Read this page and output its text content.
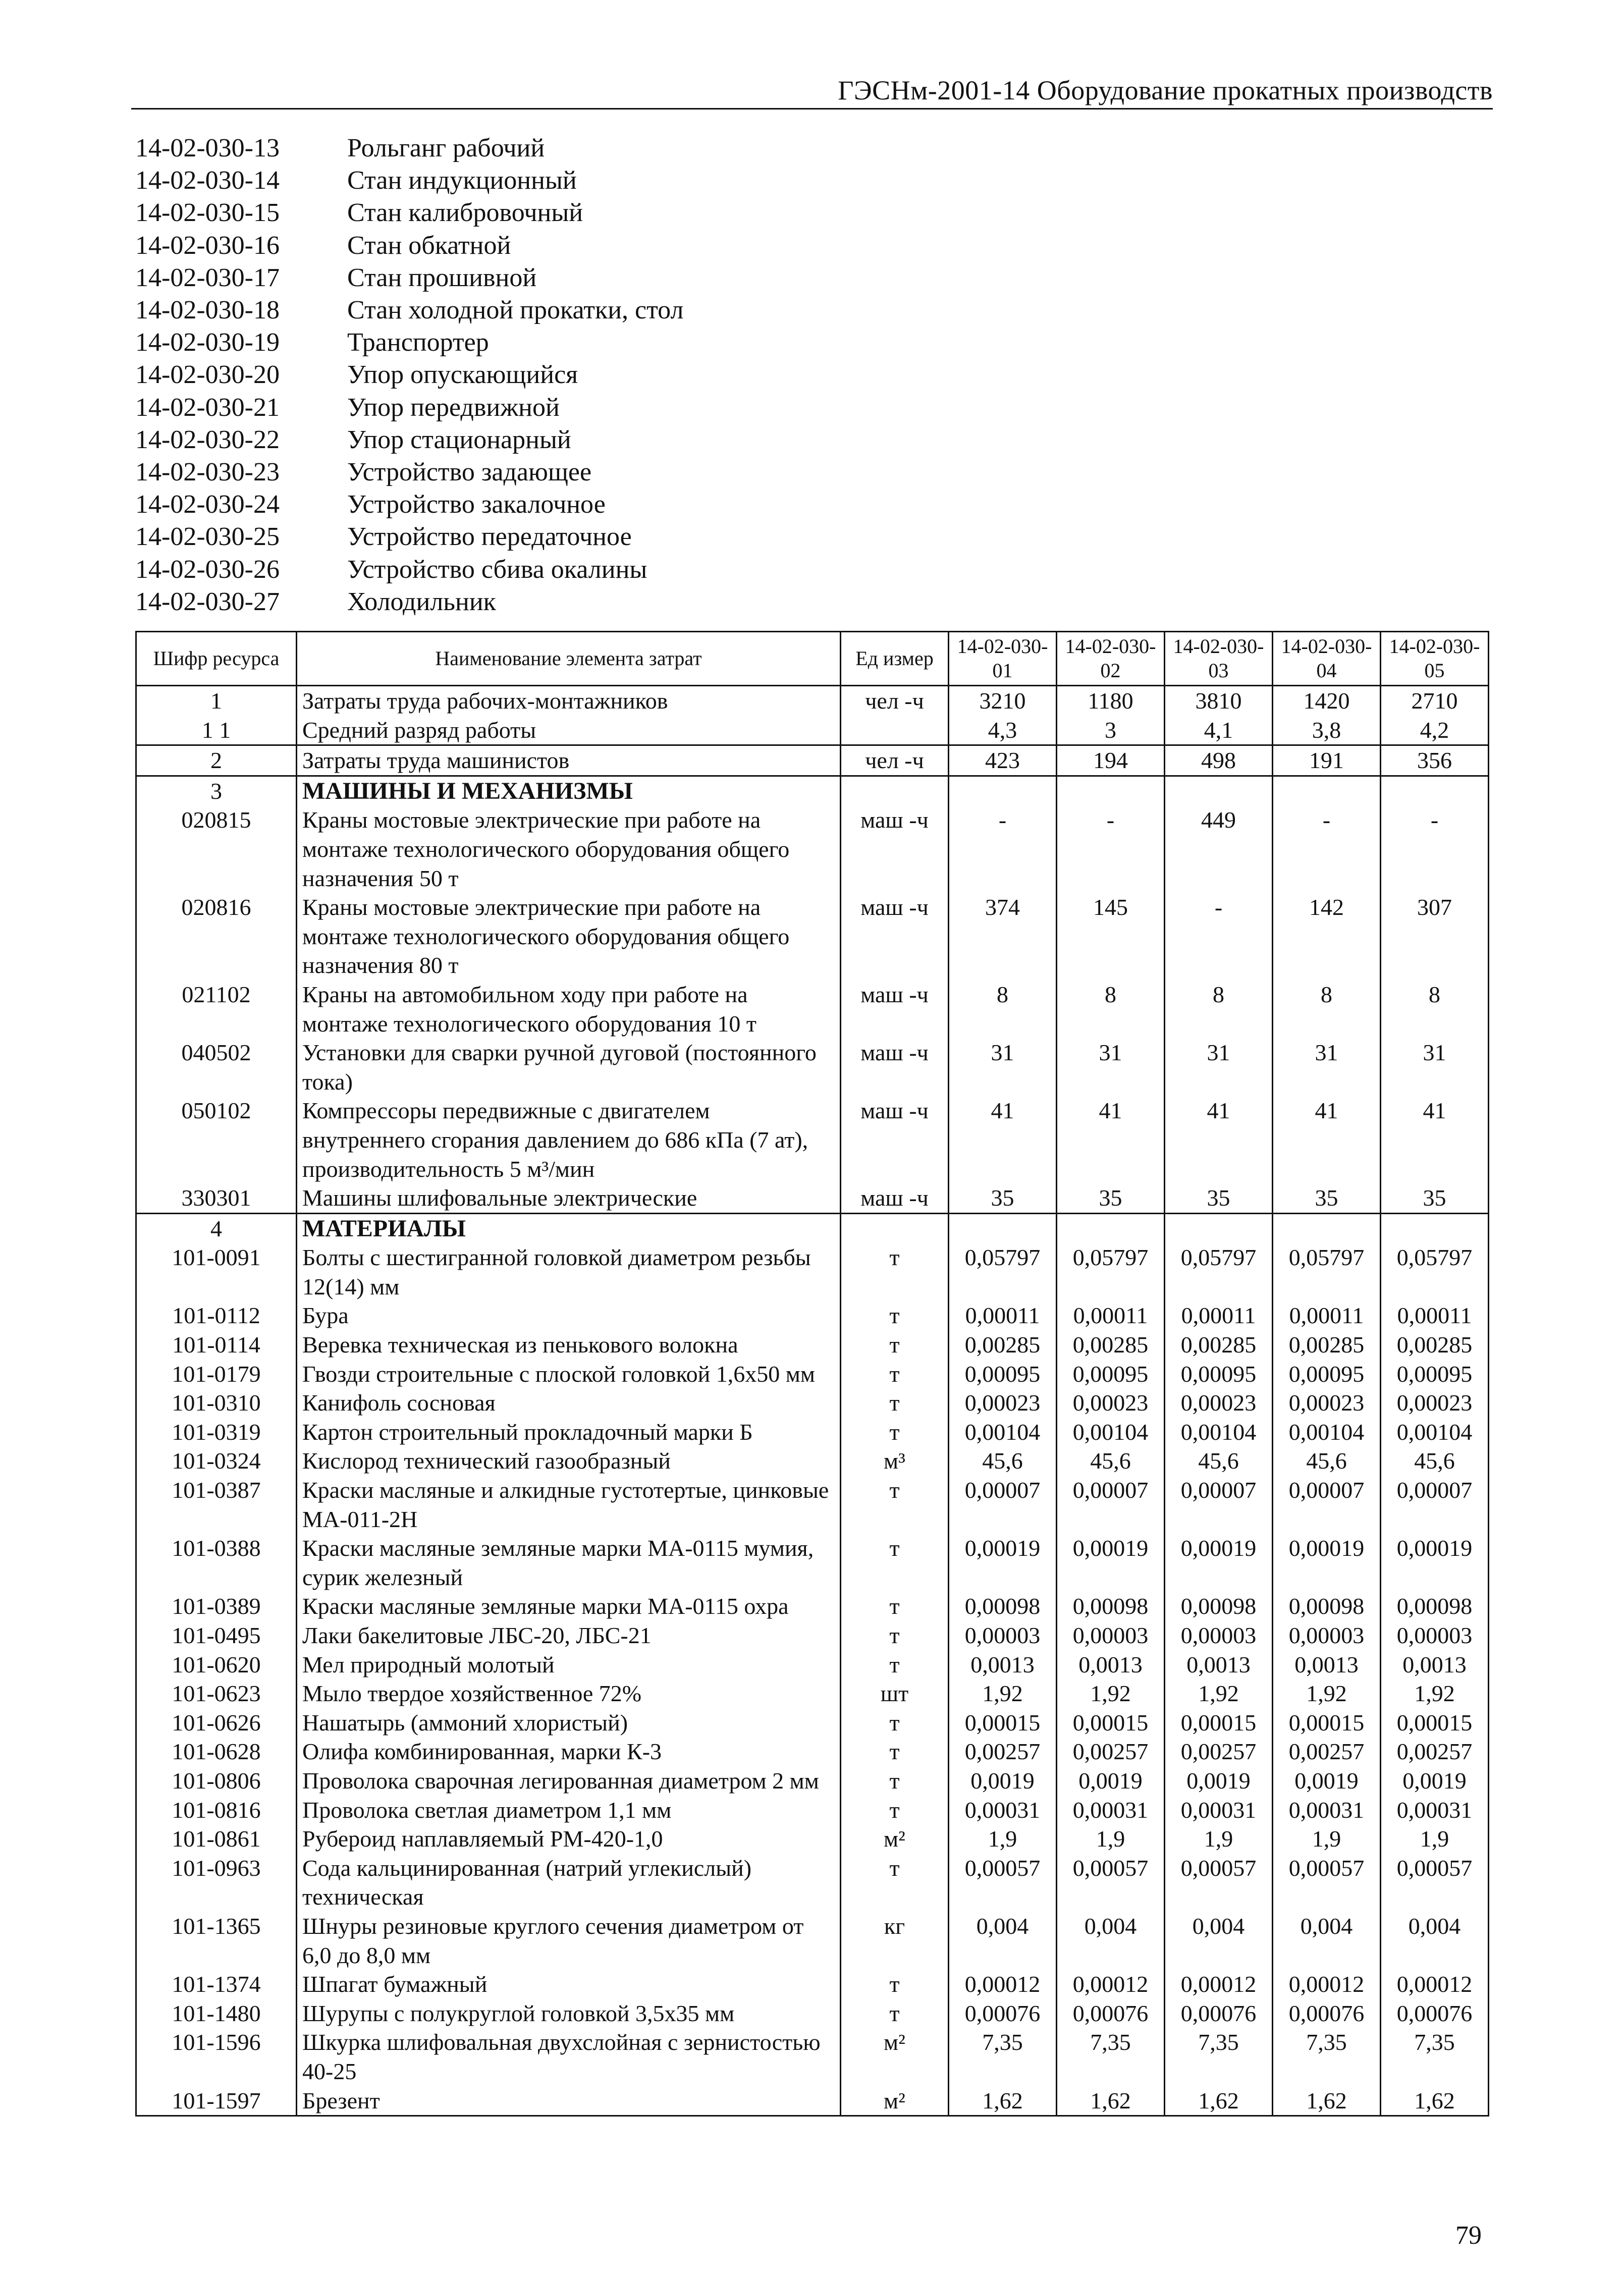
ГЭСНм-2001-14 Оборудование прокатных производств
14-02-030-13	Рольганг рабочий
14-02-030-14	Стан индукционный
14-02-030-15	Стан калибровочный
14-02-030-16	Стан обкатной
14-02-030-17	Стан прошивной
14-02-030-18	Стан холодной прокатки, стол
14-02-030-19	Транспортер
14-02-030-20	Упор опускающийся
14-02-030-21	Упор передвижной
14-02-030-22	Упор стационарный
14-02-030-23	Устройство задающее
14-02-030-24	Устройство закалочное
14-02-030-25	Устройство передаточное
14-02-030-26	Устройство сбива окалины
14-02-030-27	Холодильник
Шифр ресурса	Наименование элемента затрат	Ед измер	14-02-030-01	14-02-030-02	14-02-030-03	14-02-030-04	14-02-030-05
1	Затраты труда рабочих-монтажников	чел -ч	3210	1180	3810	1420	2710
1 1	Средний разряд работы		4,3	3	4,1	3,8	4,2
2	Затраты труда машинистов	чел -ч	423	194	498	191	356
3	МАШИНЫ И МЕХАНИЗМЫ						
020815	Краны мостовые электрические при работе на монтаже технологического оборудования общего назначения 50 т	маш -ч	-	-	449	-	-
020816	Краны мостовые электрические при работе на монтаже технологического оборудования общего назначения 80 т	маш -ч	374	145	-	142	307
021102	Краны на автомобильном ходу при работе на монтаже технологического оборудования 10 т	маш -ч	8	8	8	8	8
040502	Установки для сварки ручной дуговой (постоянного тока)	маш -ч	31	31	31	31	31
050102	Компрессоры передвижные с двигателем внутреннего сгорания давлением до 686 кПа (7 ат), производительность 5 м³/мин	маш -ч	41	41	41	41	41
330301	Машины шлифовальные электрические	маш -ч	35	35	35	35	35
4	МАТЕРИАЛЫ						
101-0091	Болты с шестигранной головкой диаметром резьбы 12(14) мм	т	0,05797	0,05797	0,05797	0,05797	0,05797
101-0112	Бура	т	0,00011	0,00011	0,00011	0,00011	0,00011
101-0114	Веревка техническая из пенькового волокна	т	0,00285	0,00285	0,00285	0,00285	0,00285
101-0179	Гвозди строительные с плоской головкой 1,6x50 мм	т	0,00095	0,00095	0,00095	0,00095	0,00095
101-0310	Канифоль сосновая	т	0,00023	0,00023	0,00023	0,00023	0,00023
101-0319	Картон строительный прокладочный марки Б	т	0,00104	0,00104	0,00104	0,00104	0,00104
101-0324	Кислород технический газообразный	м³	45,6	45,6	45,6	45,6	45,6
101-0387	Краски масляные и алкидные густотертые, цинковые МА-011-2Н	т	0,00007	0,00007	0,00007	0,00007	0,00007
101-0388	Краски масляные земляные марки МА-0115 мумия, сурик железный	т	0,00019	0,00019	0,00019	0,00019	0,00019
101-0389	Краски масляные земляные марки МА-0115 охра	т	0,00098	0,00098	0,00098	0,00098	0,00098
101-0495	Лаки бакелитовые ЛБС-20, ЛБС-21	т	0,00003	0,00003	0,00003	0,00003	0,00003
101-0620	Мел природный молотый	т	0,0013	0,0013	0,0013	0,0013	0,0013
101-0623	Мыло твердое хозяйственное 72%	шт	1,92	1,92	1,92	1,92	1,92
101-0626	Нашатырь (аммоний хлористый)	т	0,00015	0,00015	0,00015	0,00015	0,00015
101-0628	Олифа комбинированная, марки К-3	т	0,00257	0,00257	0,00257	0,00257	0,00257
101-0806	Проволока сварочная легированная диаметром 2 мм	т	0,0019	0,0019	0,0019	0,0019	0,0019
101-0816	Проволока светлая диаметром 1,1 мм	т	0,00031	0,00031	0,00031	0,00031	0,00031
101-0861	Рубероид наплавляемый РМ-420-1,0	м²	1,9	1,9	1,9	1,9	1,9
101-0963	Сода кальцинированная (натрий углекислый) техническая	т	0,00057	0,00057	0,00057	0,00057	0,00057
101-1365	Шнуры резиновые круглого сечения диаметром от 6,0 до 8,0 мм	кг	0,004	0,004	0,004	0,004	0,004
101-1374	Шпагат бумажный	т	0,00012	0,00012	0,00012	0,00012	0,00012
101-1480	Шурупы с полукруглой головкой 3,5x35 мм	т	0,00076	0,00076	0,00076	0,00076	0,00076
101-1596	Шкурка шлифовальная двухслойная с зернистостью 40-25	м²	7,35	7,35	7,35	7,35	7,35
101-1597	Брезент	м²	1,62	1,62	1,62	1,62	1,62
79
